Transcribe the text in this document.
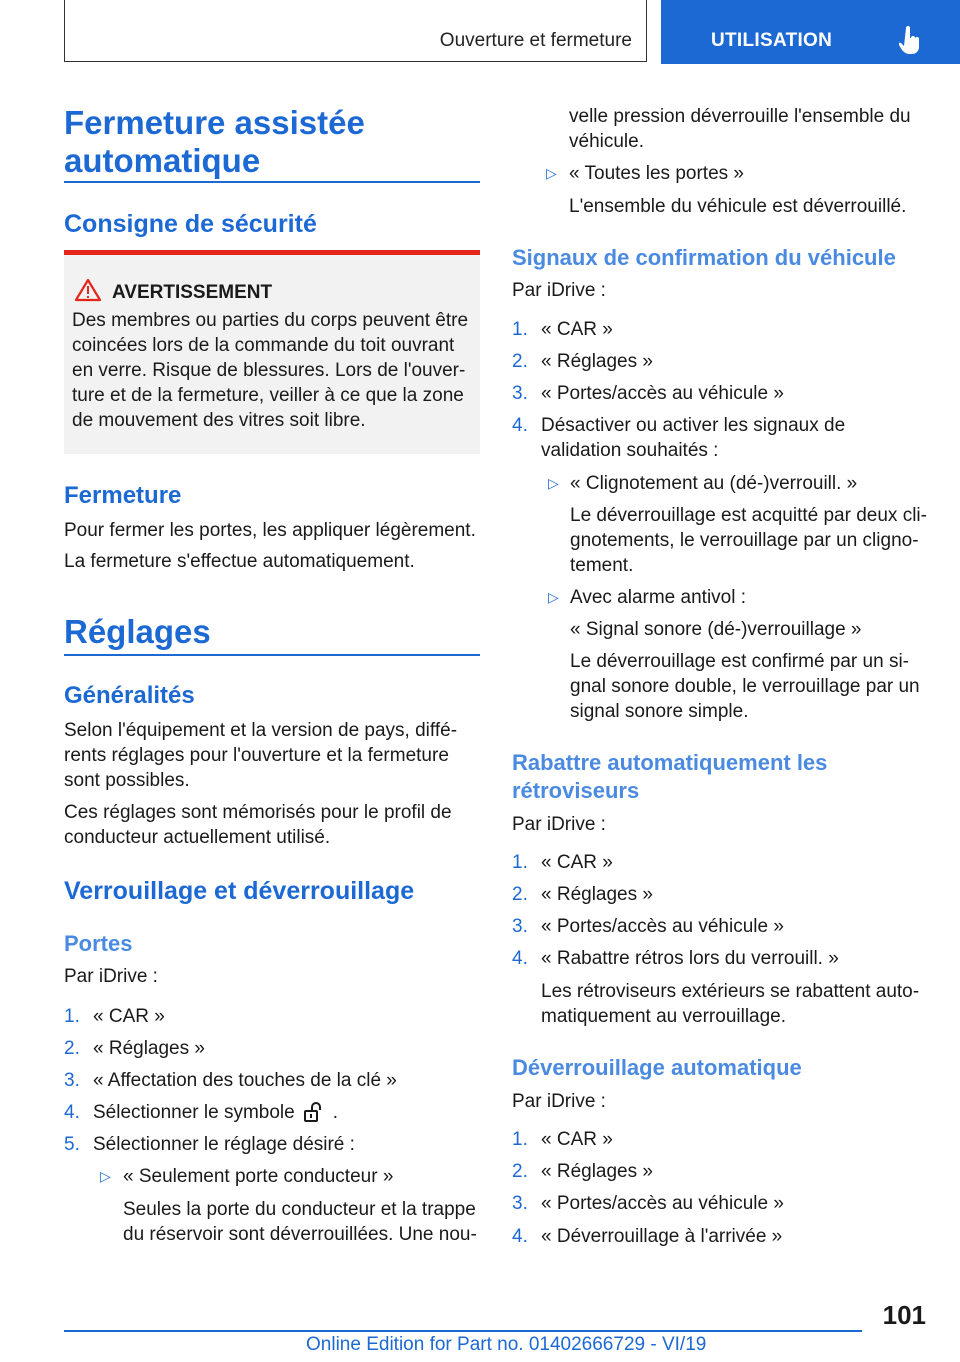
Ouverture et fermeture	UTILISATION
Fermeture assistée automatique
Consigne de sécurité
AVERTISSEMENT
Des membres ou parties du corps peuvent être coincées lors de la commande du toit ouvrant en verre. Risque de blessures. Lors de l'ouver-ture et de la fermeture, veiller à ce que la zone de mouvement des vitres soit libre.
Fermeture
Pour fermer les portes, les appliquer légèrement.
La fermeture s'effectue automatiquement.
Réglages
Généralités
Selon l'équipement et la version de pays, diffé-rents réglages pour l'ouverture et la fermeture sont possibles.
Ces réglages sont mémorisés pour le profil de conducteur actuellement utilisé.
Verrouillage et déverrouillage
Portes
Par iDrive :
1. « CAR »
2. « Réglages »
3. « Affectation des touches de la clé »
4. Sélectionner le symbole .
5. Sélectionner le réglage désiré :
▷ « Seulement porte conducteur »
Seules la porte du conducteur et la trappe du réservoir sont déverrouillées. Une nou-
velle pression déverrouille l'ensemble du véhicule.
▷ « Toutes les portes »
L'ensemble du véhicule est déverrouillé.
Signaux de confirmation du véhicule
Par iDrive :
1. « CAR »
2. « Réglages »
3. « Portes/accès au véhicule »
4. Désactiver ou activer les signaux de validation souhaités :
▷ « Clignotement au (dé-)verrouill. »
Le déverrouillage est acquitté par deux cli-gnotements, le verrouillage par un cligno-tement.
▷ Avec alarme antivol :
« Signal sonore (dé-)verrouillage »
Le déverrouillage est confirmé par un si-gnal sonore double, le verrouillage par un signal sonore simple.
Rabattre automatiquement les rétroviseurs
Par iDrive :
1. « CAR »
2. « Réglages »
3. « Portes/accès au véhicule »
4. « Rabattre rétros lors du verrouill. »
Les rétroviseurs extérieurs se rabattent auto-matiquement au verrouillage.
Déverrouillage automatique
Par iDrive :
1. « CAR »
2. « Réglages »
3. « Portes/accès au véhicule »
4. « Déverrouillage à l'arrivée »
101
Online Edition for Part no. 01402666729 - VI/19
